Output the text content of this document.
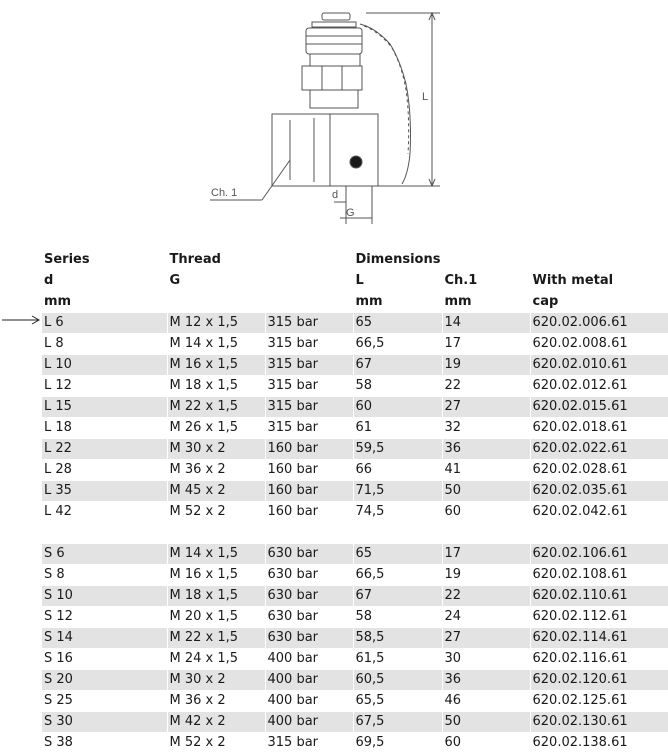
Ch. 1	d
G
L
Series	Thread		Dimensions		
d	G		L	Ch.1	With metal
mm			mm	mm	cap
L 6	M 12 x 1,5	315 bar	65	14	620.02.006.61
L 8	M 14 x 1,5	315 bar	66,5	17	620.02.008.61
L 10	M 16 x 1,5	315 bar	67	19	620.02.010.61
L 12	M 18 x 1,5	315 bar	58	22	620.02.012.61
L 15	M 22 x 1,5	315 bar	60	27	620.02.015.61
L 18	M 26 x 1,5	315 bar	61	32	620.02.018.61
L 22	M 30 x 2	160 bar	59,5	36	620.02.022.61
L 28	M 36 x 2	160 bar	66	41	620.02.028.61
L 35	M 45 x 2	160 bar	71,5	50	620.02.035.61
L 42	M 52 x 2	160 bar	74,5	60	620.02.042.61

S 6	M 14 x 1,5	630 bar	65	17	620.02.106.61
S 8	M 16 x 1,5	630 bar	66,5	19	620.02.108.61
S 10	M 18 x 1,5	630 bar	67	22	620.02.110.61
S 12	M 20 x 1,5	630 bar	58	24	620.02.112.61
S 14	M 22 x 1,5	630 bar	58,5	27	620.02.114.61
S 16	M 24 x 1,5	400 bar	61,5	30	620.02.116.61
S 20	M 30 x 2	400 bar	60,5	36	620.02.120.61
S 25	M 36 x 2	400 bar	65,5	46	620.02.125.61
S 30	M 42 x 2	400 bar	67,5	50	620.02.130.61
S 38	M 52 x 2	315 bar	69,5	60	620.02.138.61
